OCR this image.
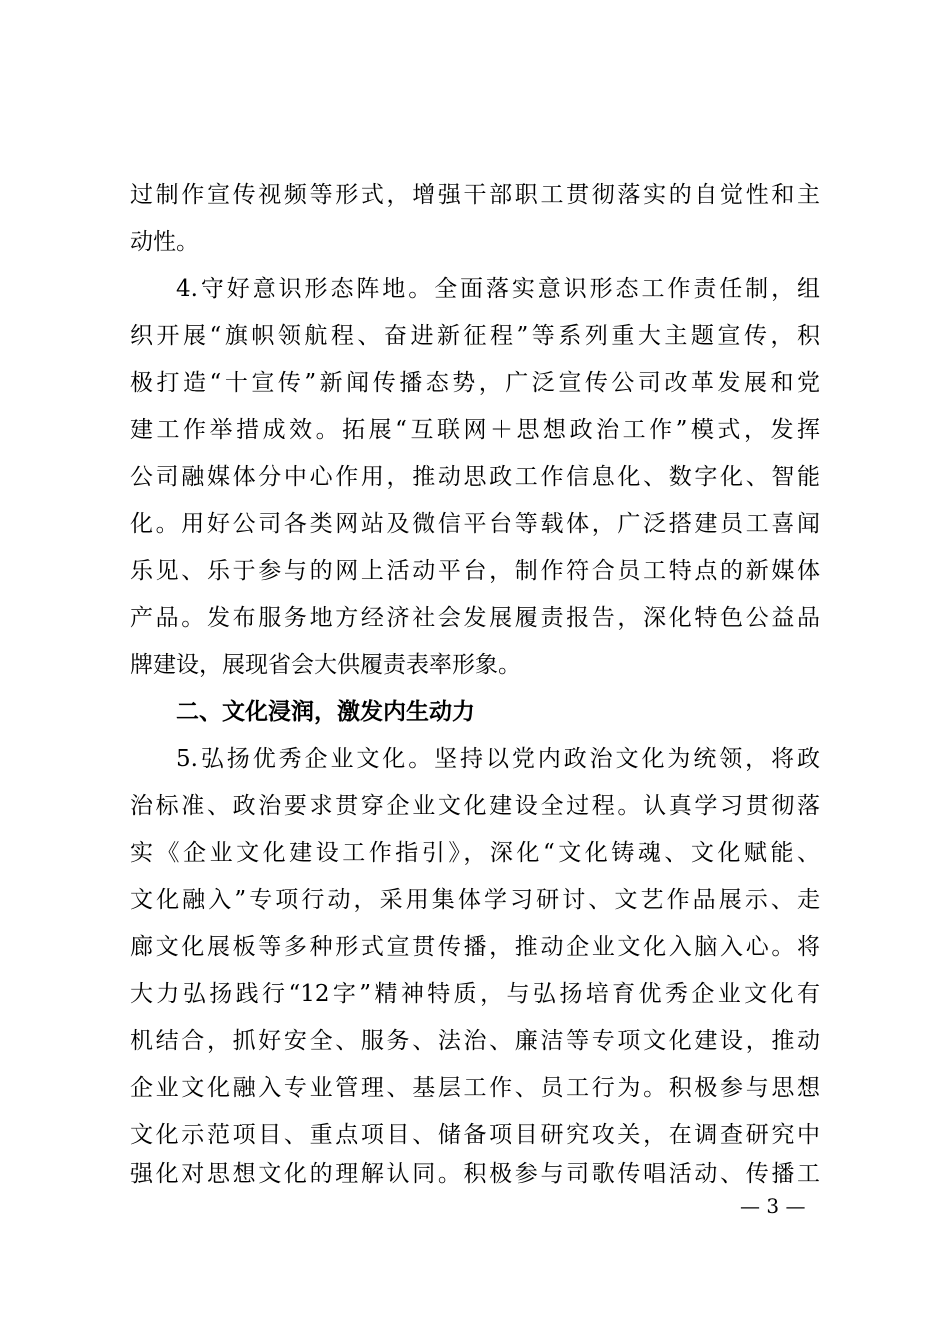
过制作宣传视频等形式，增强干部职工贯彻落实的自觉性和主
动性。
4.守好意识形态阵地。全面落实意识形态工作责任制，组
织开展“旗帜领航程、奋进新征程”等系列重大主题宣传，积
极打造“十宣传”新闻传播态势，广泛宣传公司改革发展和党
建工作举措成效。拓展“互联网＋思想政治工作”模式，发挥
公司融媒体分中心作用，推动思政工作信息化、数字化、智能
化。用好公司各类网站及微信平台等载体，广泛搭建员工喜闻
乐见、乐于参与的网上活动平台，制作符合员工特点的新媒体
产品。发布服务地方经济社会发展履责报告，深化特色公益品
牌建设，展现省会大供履责表率形象。
二、文化浸润，激发内生动力
5.弘扬优秀企业文化。坚持以党内政治文化为统领，将政
治标准、政治要求贯穿企业文化建设全过程。认真学习贯彻落
实《企业文化建设工作指引》，深化“文化铸魂、文化赋能、
文化融入”专项行动，采用集体学习研讨、文艺作品展示、走
廊文化展板等多种形式宣贯传播，推动企业文化入脑入心。将
大力弘扬践行“12字”精神特质，与弘扬培育优秀企业文化有
机结合，抓好安全、服务、法治、廉洁等专项文化建设，推动
企业文化融入专业管理、基层工作、员工行为。积极参与思想
文化示范项目、重点项目、储备项目研究攻关，在调查研究中
强化对思想文化的理解认同。积极参与司歌传唱活动、传播工
— 3 —
